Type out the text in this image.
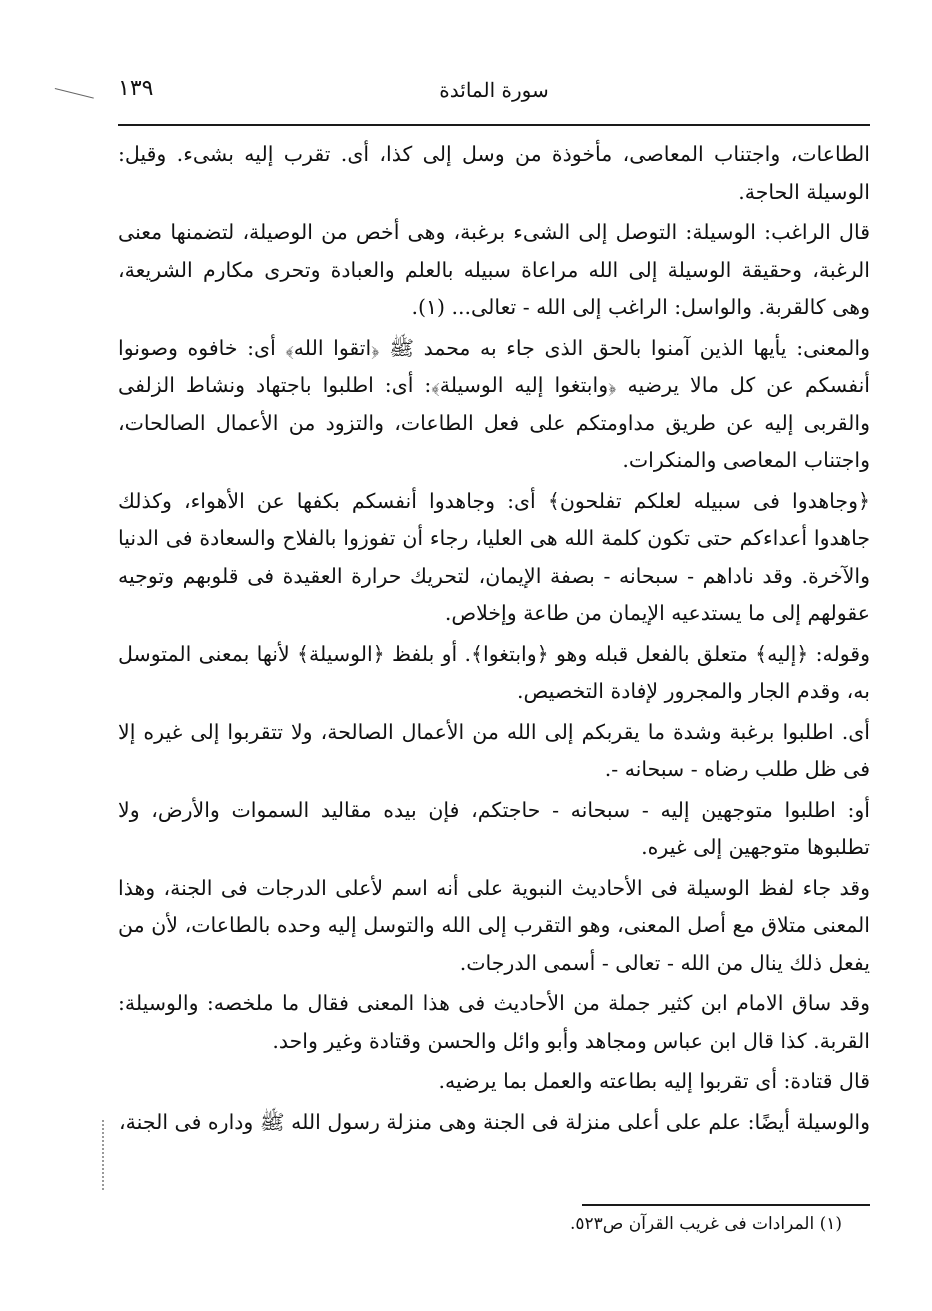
١٣٩	سورة المائدة

الطاعات، واجتناب المعاصى، مأخوذة من وسل إلى كذا، أى. تقرب إليه بشىء. وقيل: الوسيلة الحاجة.

قال الراغب: الوسيلة: التوصل إلى الشىء برغبة، وهى أخص من الوصيلة، لتضمنها معنى الرغبة، وحقيقة الوسيلة إلى الله مراعاة سبيله بالعلم والعبادة وتحرى مكارم الشريعة، وهى كالقربة. والواسل: الراغب إلى الله - تعالى... (١).

والمعنى: يأيها الذين آمنوا بالحق الذى جاء به محمد ﷺ ﴿اتقوا الله﴾ أى: خافوه وصونوا أنفسكم عن كل مالا يرضيه ﴿وابتغوا إليه الوسيلة﴾: أى: اطلبوا باجتهاد ونشاط الزلفى والقربى إليه عن طريق مداومتكم على فعل الطاعات، والتزود من الأعمال الصالحات، واجتناب المعاصى والمنكرات.

﴿وجاهدوا فى سبيله لعلكم تفلحون﴾ أى: وجاهدوا أنفسكم بكفها عن الأهواء، وكذلك جاهدوا أعداءكم حتى تكون كلمة الله هى العليا، رجاء أن تفوزوا بالفلاح والسعادة فى الدنيا والآخرة. وقد ناداهم - سبحانه - بصفة الإيمان، لتحريك حرارة العقيدة فى قلوبهم وتوجيه عقولهم إلى ما يستدعيه الإيمان من طاعة وإخلاص.

وقوله: ﴿إليه﴾ متعلق بالفعل قبله وهو ﴿وابتغوا﴾. أو بلفظ ﴿الوسيلة﴾ لأنها بمعنى المتوسل به، وقدم الجار والمجرور لإفادة التخصيص.

أى. اطلبوا برغبة وشدة ما يقربكم إلى الله من الأعمال الصالحة، ولا تتقربوا إلى غيره إلا فى ظل طلب رضاه - سبحانه -.

أو: اطلبوا متوجهين إليه - سبحانه - حاجتكم، فإن بيده مقاليد السموات والأرض، ولا تطلبوها متوجهين إلى غيره.

وقد جاء لفظ الوسيلة فى الأحاديث النبوية على أنه اسم لأعلى الدرجات فى الجنة، وهذا المعنى متلاق مع أصل المعنى، وهو التقرب إلى الله والتوسل إليه وحده بالطاعات، لأن من يفعل ذلك ينال من الله - تعالى - أسمى الدرجات.

وقد ساق الامام ابن كثير جملة من الأحاديث فى هذا المعنى فقال ما ملخصه: والوسيلة: القربة. كذا قال ابن عباس ومجاهد وأبو وائل والحسن وقتادة وغير واحد.

قال قتادة: أى تقربوا إليه بطاعته والعمل بما يرضيه.

والوسيلة أيضًا: علم على أعلى منزلة فى الجنة وهى منزلة رسول الله ﷺ وداره فى الجنة،

(١) المرادات فى غريب القرآن ص٥٢٣.
